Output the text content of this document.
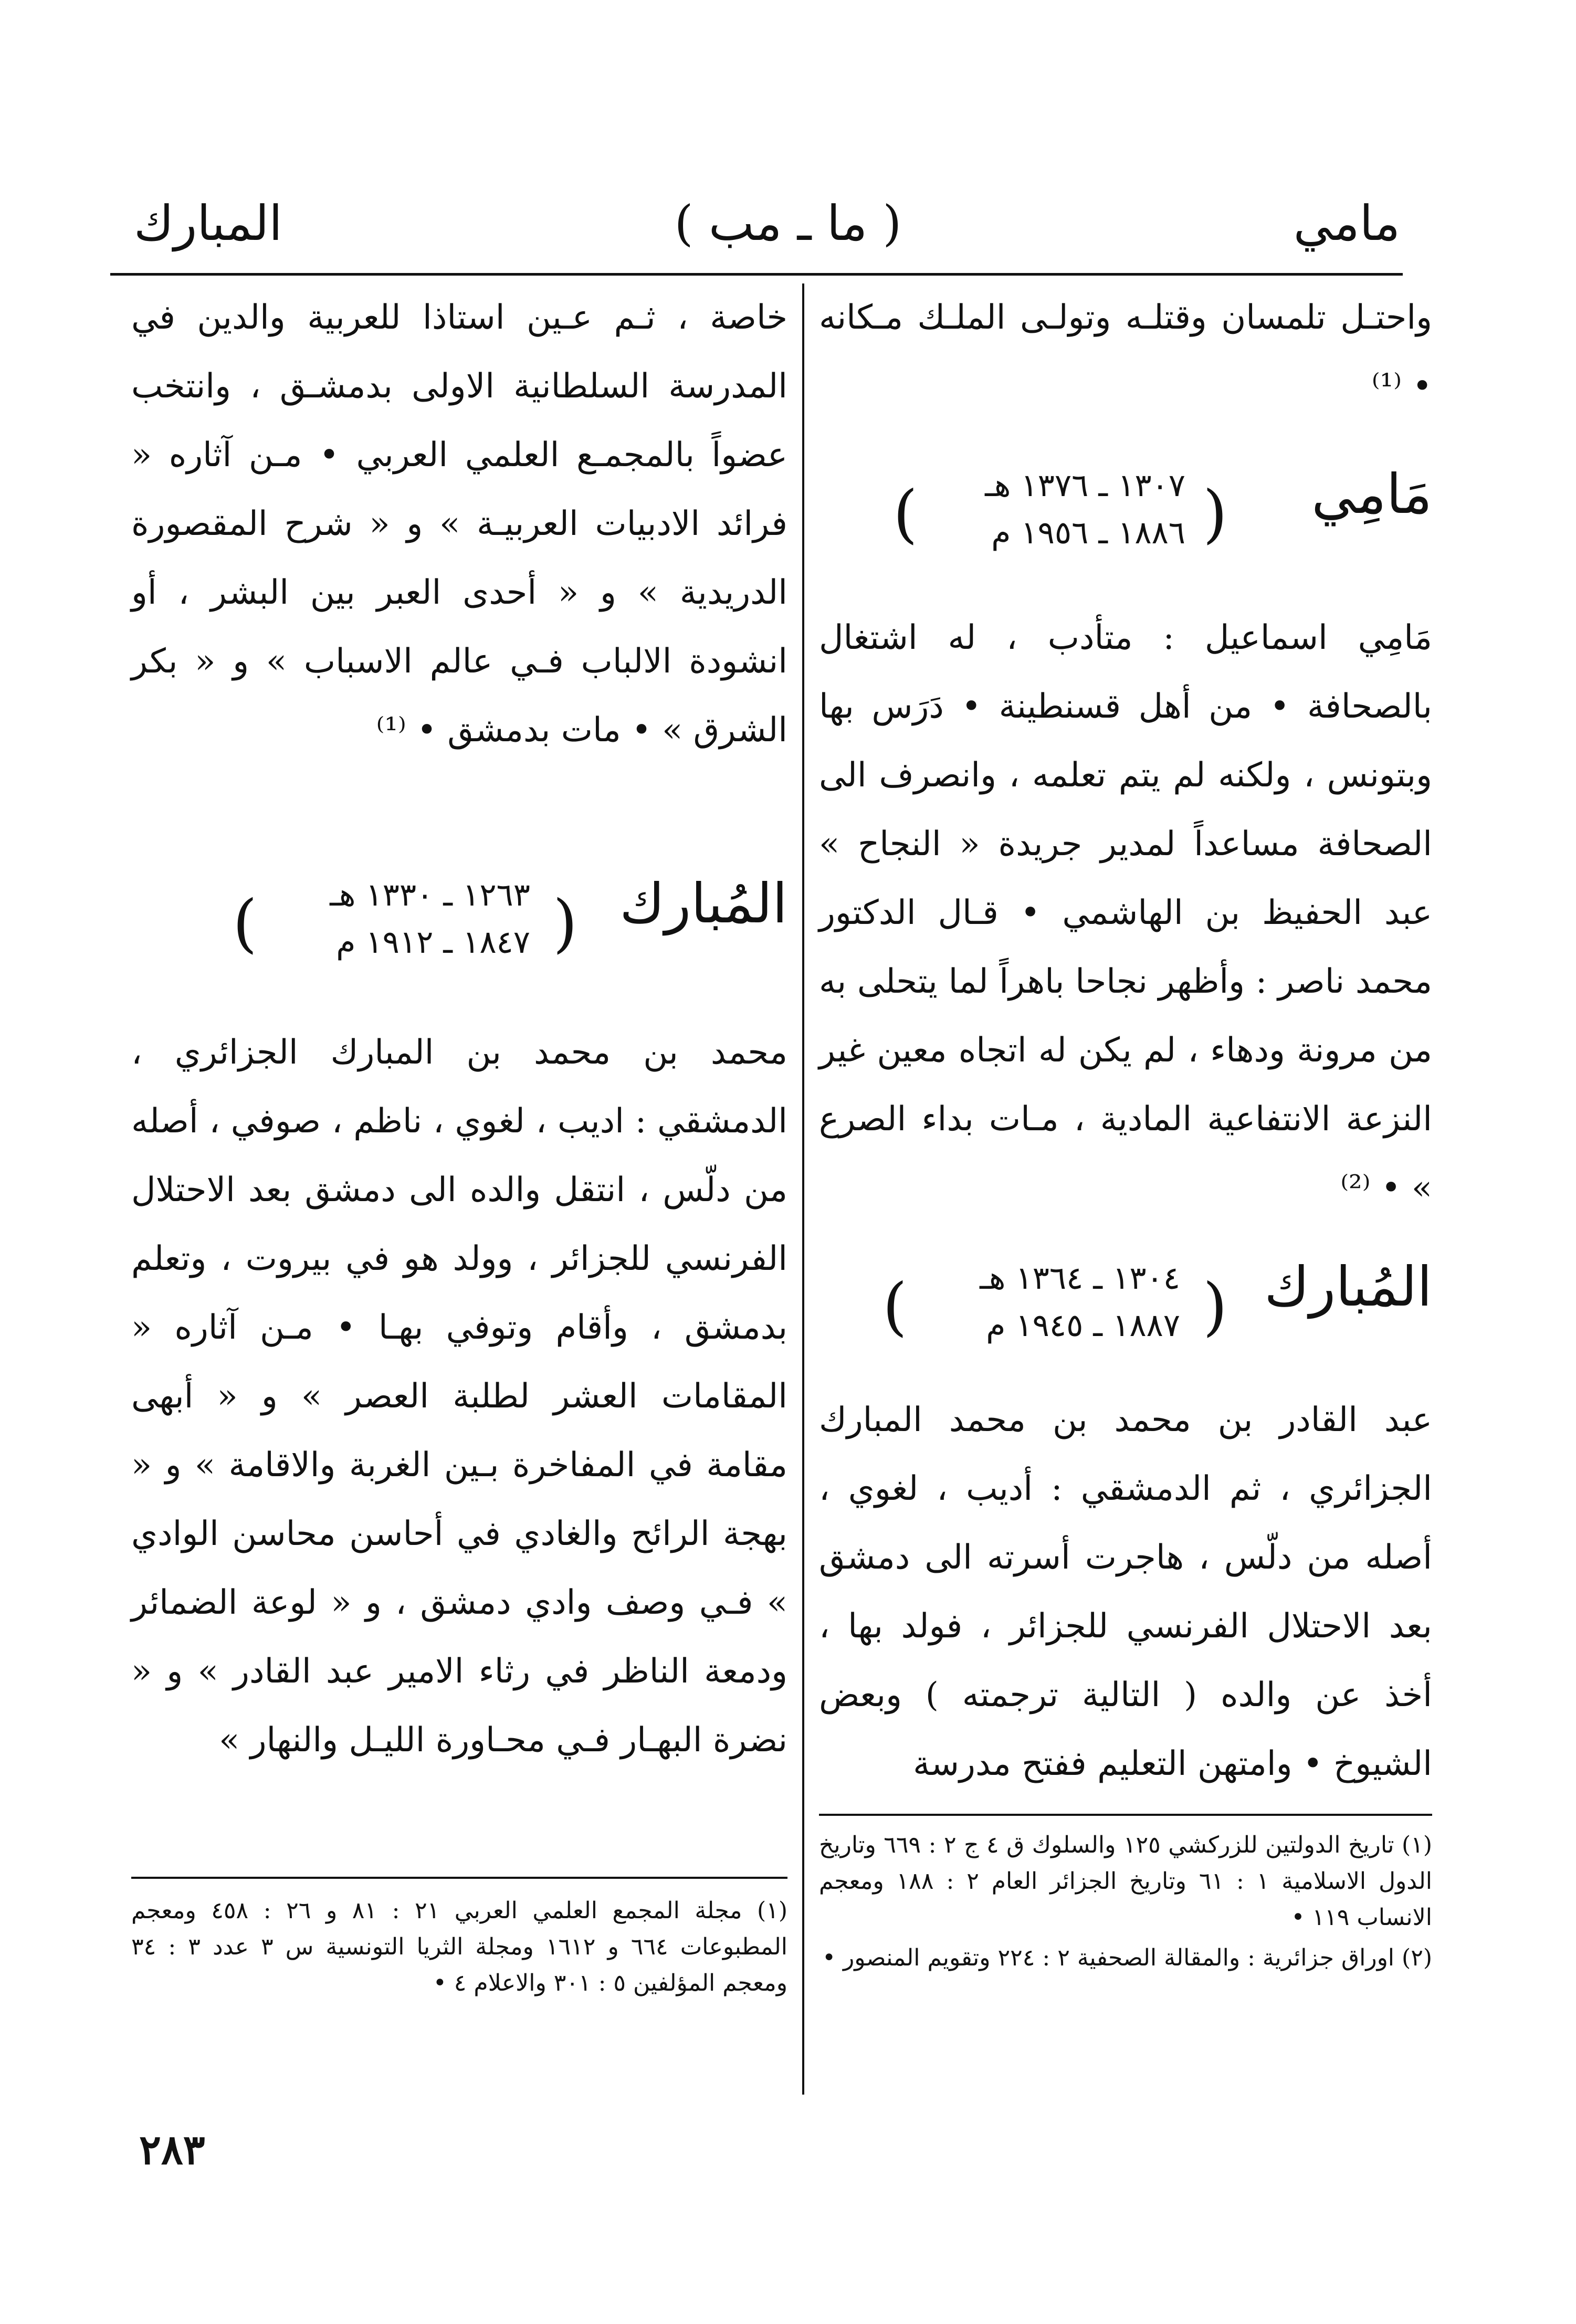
مامي
( ما ـ مب )
المبارك

واحتـل تلمسان وقتلـه وتولـى الملـك مـكانه • ⁽¹⁾

مَامِي
(
١٣٠٧ ـ ١٣٧٦ هـ
١٨٨٦ ـ ١٩٥٦ م
)

مَامِي اسماعيل : متأدب ، له اشتغال بالصحافة • من أهل قسنطينة • دَرَس بها وبتونس ، ولكنه لم يتم تعلمه ، وانصرف الى الصحافة مساعداً لمدير جريدة « النجاح » عبد الحفيظ بن الهاشمي • قـال الدكتور محمد ناصر : وأظهر نجاحا باهراً لما يتحلى به من مرونة ودهاء ، لم يكن له اتجاه معين غير النزعة الانتفاعية المادية ، مـات بداء الصرع » • ⁽²⁾

المُبارك
(
١٣٠٤ ـ ١٣٦٤ هـ
١٨٨٧ ـ ١٩٤٥ م
)

عبد القادر بن محمد بن محمد المبارك الجزائري ، ثم الدمشقي : أديب ، لغوي ، أصله من دلّس ، هاجرت أسرته الى دمشق بعد الاحتلال الفرنسي للجزائر ، فولد بها ، أخذ عن والده ( التالية ترجمته ) وبعض الشيوخ • وامتهن التعليم ففتح مدرسة

(١) تاريخ الدولتين للزركشي ١٢٥ والسلوك ق ٤ ج ٢ : ٦٦٩ وتاريخ الدول الاسلامية ١ : ٦١ وتاريخ الجزائر العام ٢ : ١٨٨ ومعجم الانساب ١١٩ •

(٢) اوراق جزائرية : والمقالة الصحفية ٢ : ٢٢٤ وتقويم المنصور •

خاصة ، ثـم عـين استاذا للعربية والدين في المدرسة السلطانية الاولى بدمشـق ، وانتخب عضواً بالمجمـع العلمي العربي • مـن آثاره « فرائد الادبيات العربيـة » و « شرح المقصورة الدريدية » و « أحدى العبر بين البشر ، أو انشودة الالباب فـي عالم الاسباب » و « بكر الشرق » • مات بدمشق • ⁽¹⁾

المُبارك
(
١٢٦٣ ـ ١٣٣٠ هـ
١٨٤٧ ـ ١٩١٢ م
)

محمد بن محمد بن المبارك الجزائري ، الدمشقي : اديب ، لغوي ، ناظم ، صوفي ، أصله من دلّس ، انتقل والده الى دمشق بعد الاحتلال الفرنسي للجزائر ، وولد هو في بيروت ، وتعلم بدمشق ، وأقام وتوفي بهـا • مـن آثاره « المقامات العشر لطلبة العصر » و « أبهى مقامة في المفاخرة بـين الغربة والاقامة » و « بهجة الرائح والغادي في أحاسن محاسن الوادي » فـي وصف وادي دمشق ، و « لوعة الضمائر ودمعة الناظر في رثاء الامير عبد القادر » و « نضرة البهـار فـي محـاورة الليـل والنهار »

(١) مجلة المجمع العلمي العربي ٢١ : ٨١ و ٢٦ : ٤٥٨ ومعجم المطبوعات ٦٦٤ و ١٦١٢ ومجلة الثريا التونسية س ٣ عدد ٣ : ٣٤ ومعجم المؤلفين ٥ : ٣٠١ والاعلام ٤ •

٢٨٣
